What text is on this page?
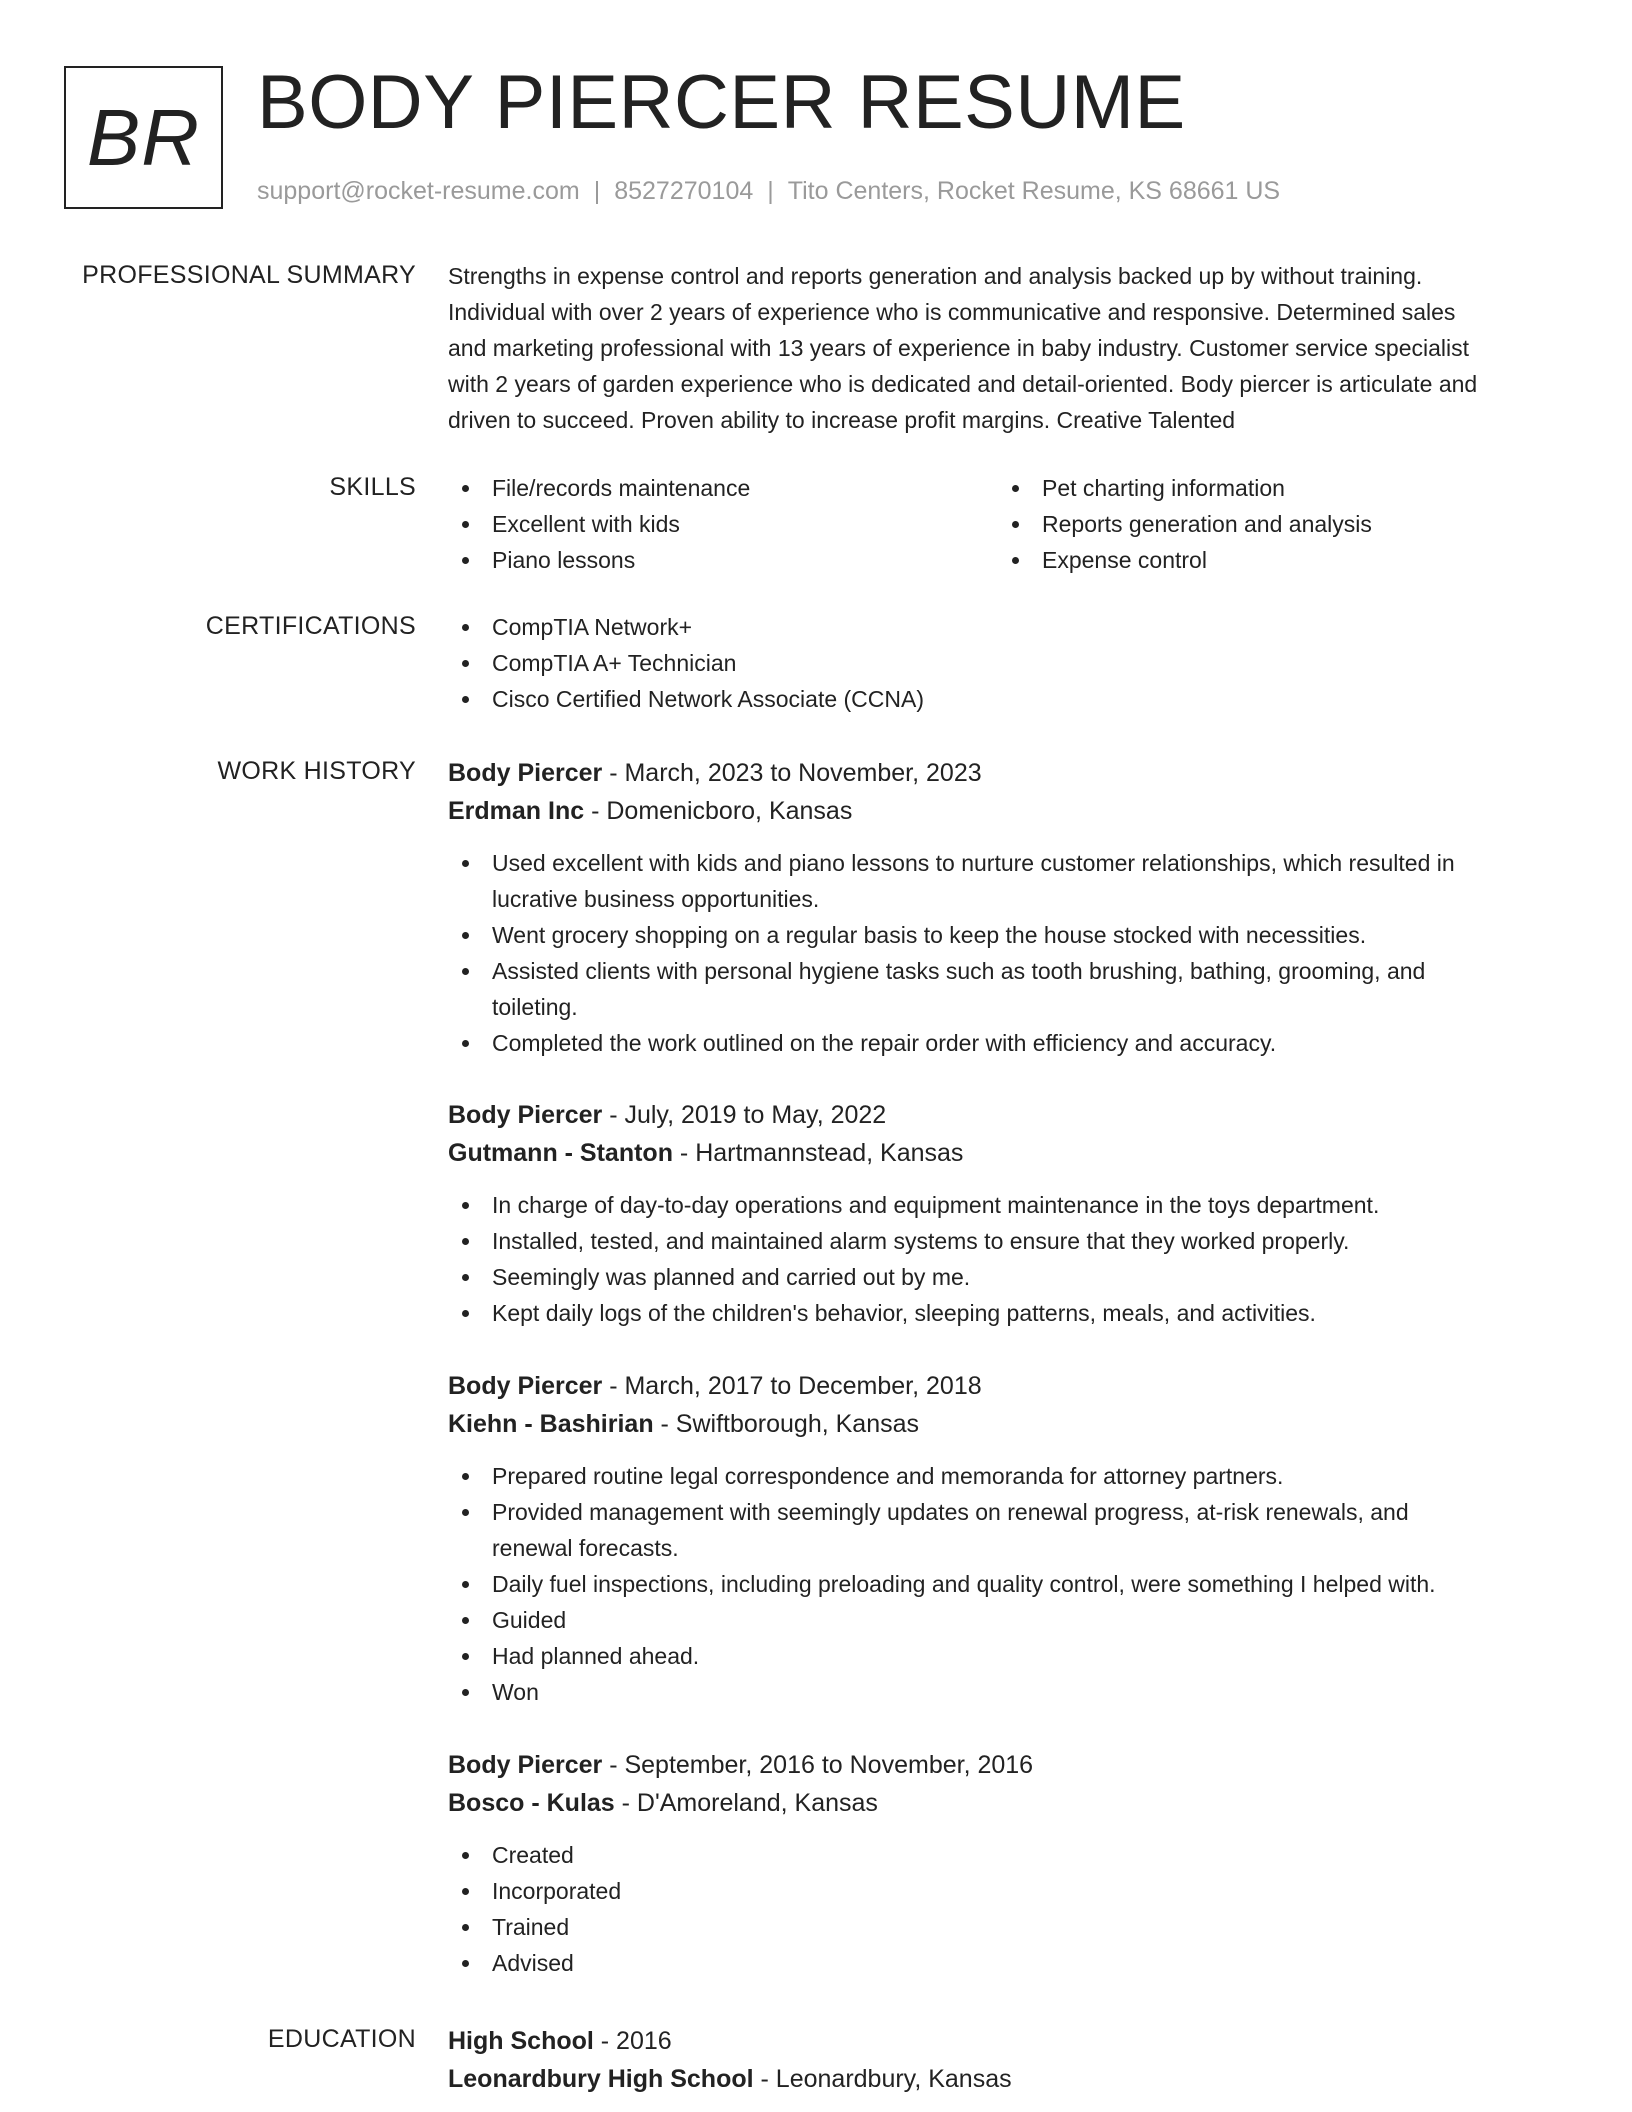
BR BODY PIERCER RESUME
support@rocket-resume.com | 8527270104 | Tito Centers, Rocket Resume, KS 68661 US
PROFESSIONAL SUMMARY Strengths in expense control and reports generation and analysis backed up by without training.
Individual with over 2 years of experience who is communicative and responsive. Determined sales
and marketing professional with 13 years of experience in baby industry. Customer service specialist
with 2 years of garden experience who is dedicated and detail-oriented. Body piercer is articulate and
driven to succeed. Proven ability to increase profit margins. Creative Talented
SKILLS	File/records maintenance
Excellent with kids
Piano lessons
Pet charting information
Reports generation and analysis
Expense control
CERTIFICATIONS	CompTIA Network+
CompTIA A+ Technician
Cisco Certified Network Associate (CCNA)
WORK HISTORY Body Piercer - March, 2023 to November, 2023
Erdman Inc - Domenicboro, Kansas
Used excellent with kids and piano lessons to nurture customer relationships, which resulted in
lucrative business opportunities.
Went grocery shopping on a regular basis to keep the house stocked with necessities.
Assisted clients with personal hygiene tasks such as tooth brushing, bathing, grooming, and
toileting.
Completed the work outlined on the repair order with efficiency and accuracy.
Body Piercer - July, 2019 to May, 2022
Gutmann - Stanton - Hartmannstead, Kansas
In charge of day-to-day operations and equipment maintenance in the toys department.
Installed, tested, and maintained alarm systems to ensure that they worked properly.
Seemingly was planned and carried out by me.
Kept daily logs of the children's behavior, sleeping patterns, meals, and activities.
Body Piercer - March, 2017 to December, 2018
Kiehn - Bashirian - Swiftborough, Kansas
Prepared routine legal correspondence and memoranda for attorney partners.
Provided management with seemingly updates on renewal progress, at-risk renewals, and
renewal forecasts.
Daily fuel inspections, including preloading and quality control, were something I helped with.
Guided
Had planned ahead.
Won
Body Piercer - September, 2016 to November, 2016
Bosco - Kulas - D'Amoreland, Kansas
Created
Incorporated
Trained
Advised
EDUCATION High School - 2016
Leonardbury High School - Leonardbury, Kansas
